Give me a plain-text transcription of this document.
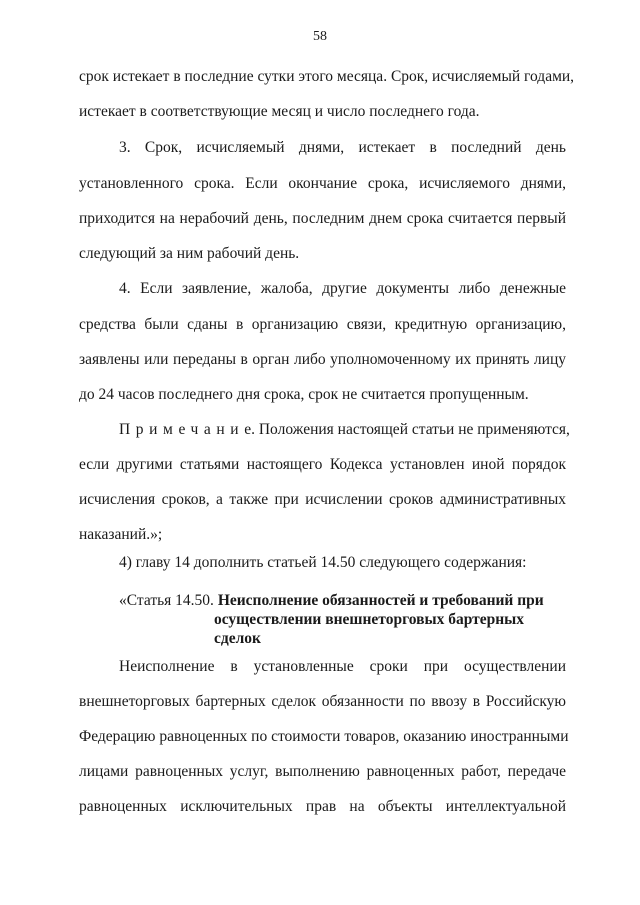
58
срок истекает в последние сутки этого месяца. Срок, исчисляемый годами,
истекает в соответствующие месяц и число последнего года.
3. Срок, исчисляемый днями, истекает в последний день
установленного срока. Если окончание срока, исчисляемого днями,
приходится на нерабочий день, последним днем срока считается первый
следующий за ним рабочий день.
4. Если заявление, жалоба, другие документы либо денежные
средства были сданы в организацию связи, кредитную организацию,
заявлены или переданы в орган либо уполномоченному их принять лицу
до 24 часов последнего дня срока, срок не считается пропущенным.
Примечание. Положения настоящей статьи не применяются,
если другими статьями настоящего Кодекса установлен иной порядок
исчисления сроков, а также при исчислении сроков административных
наказаний.»;
4) главу 14 дополнить статьей 14.50 следующего содержания:
«Статья 14.50. Неисполнение обязанностей и требований при
осуществлении внешнеторговых бартерных
сделок
Неисполнение в установленные сроки при осуществлении
внешнеторговых бартерных сделок обязанности по ввозу в Российскую
Федерацию равноценных по стоимости товаров, оказанию иностранными
лицами равноценных услуг, выполнению равноценных работ, передаче
равноценных исключительных прав на объекты интеллектуальной
